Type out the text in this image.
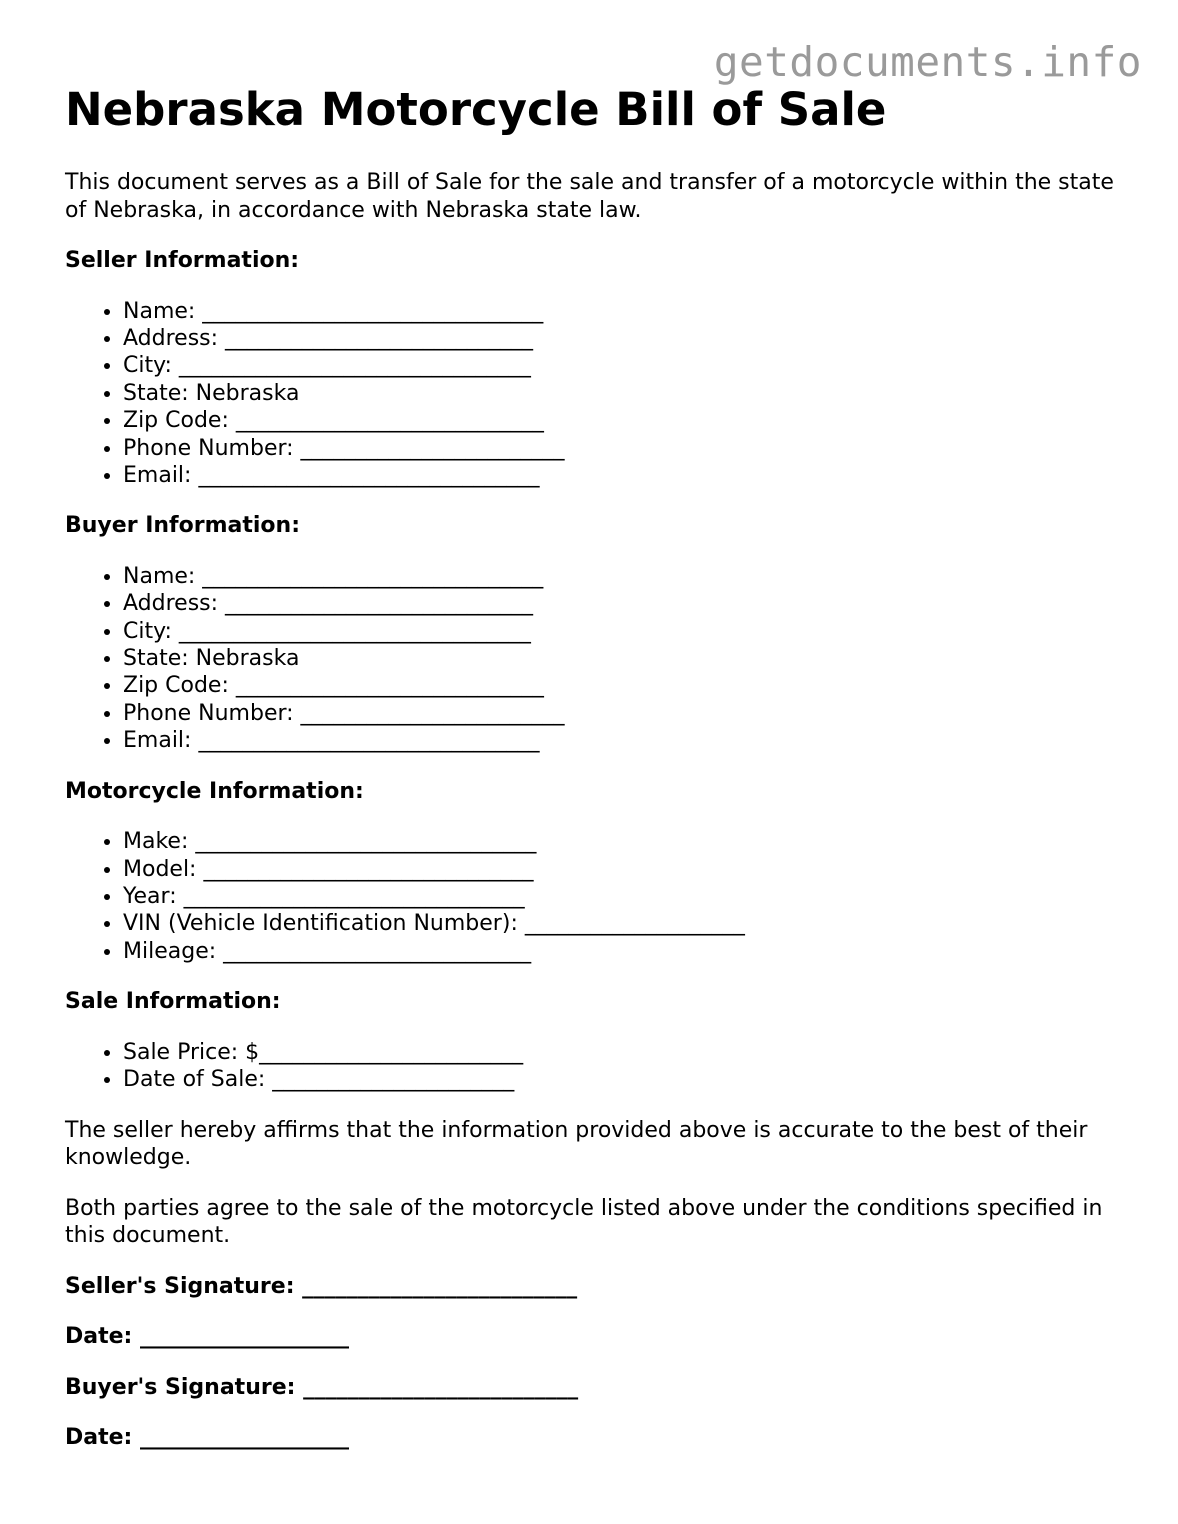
getdocuments.info
Nebraska Motorcycle Bill of Sale

This document serves as a Bill of Sale for the sale and transfer of a motorcycle within the state of Nebraska, in accordance with Nebraska state law.

Seller Information:

• Name: _______________________________
• Address: ____________________________
• City: ________________________________
• State: Nebraska
• Zip Code: ____________________________
• Phone Number: ________________________
• Email: _______________________________

Buyer Information:

• Name: _______________________________
• Address: ____________________________
• City: ________________________________
• State: Nebraska
• Zip Code: ____________________________
• Phone Number: ________________________
• Email: _______________________________

Motorcycle Information:

• Make: _______________________________
• Model: ______________________________
• Year: _______________________________
• VIN (Vehicle Identification Number): ____________________
• Mileage: ____________________________

Sale Information:

• Sale Price: $________________________
• Date of Sale: ______________________

The seller hereby affirms that the information provided above is accurate to the best of their knowledge.

Both parties agree to the sale of the motorcycle listed above under the conditions specified in this document.

Seller's Signature: _________________________

Date: ___________________

Buyer's Signature: _________________________

Date: ___________________
